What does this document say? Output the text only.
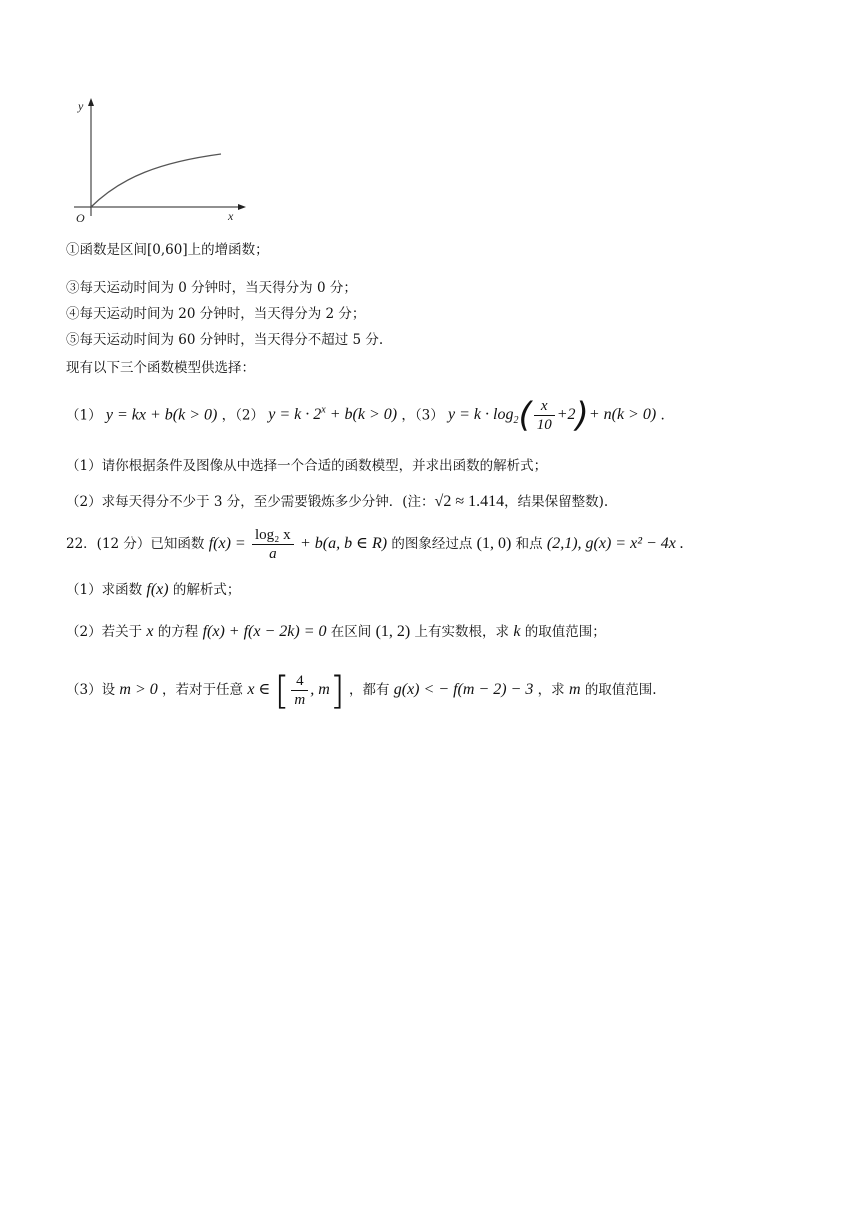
y
x
O
①函数是区间[0,60]上的增函数；
③每天运动时间为 0 分钟时，当天得分为 0 分；
④每天运动时间为 20 分钟时，当天得分为 2 分；
⑤每天运动时间为 60 分钟时，当天得分不超过 5 分.
现有以下三个函数模型供选择：
（1） y = kx + b(k > 0) ，（2） $y = k \cdot 2^x + b(k > 0)$ ，（3） $y = k \cdot \log_2( \frac{x}{10} +2)+ n(k > 0)$ .
（1）请你根据条件及图像从中选择一个合适的函数模型，并求出函数的解析式；
（2）求每天得分不少于 3 分，至少需要锻炼多少分钟．(注：√2 ≈ 1.414，结果保留整数).
22．(12 分）已知函数 $f(x) = \frac{\text{log₂ x}}{a} + b(a$, b ∈ R) 的图象经过点 (1, 0) 和点 (2,1), g(x) = x² − 4x .
（1）求函数 f(x) 的解析式；
（2）若关于 x 的方程 f(x) + f(x − 2k) = 0 在区间 (1, 2) 上有实数根，求 k 的取值范围；
（3）设 m > 0 ，若对于任意 x ∈ [ $\frac{4}{m}$ , m] ，都有 g(x) < − f(m − 2) − 3 ，求 m 的取值范围.
